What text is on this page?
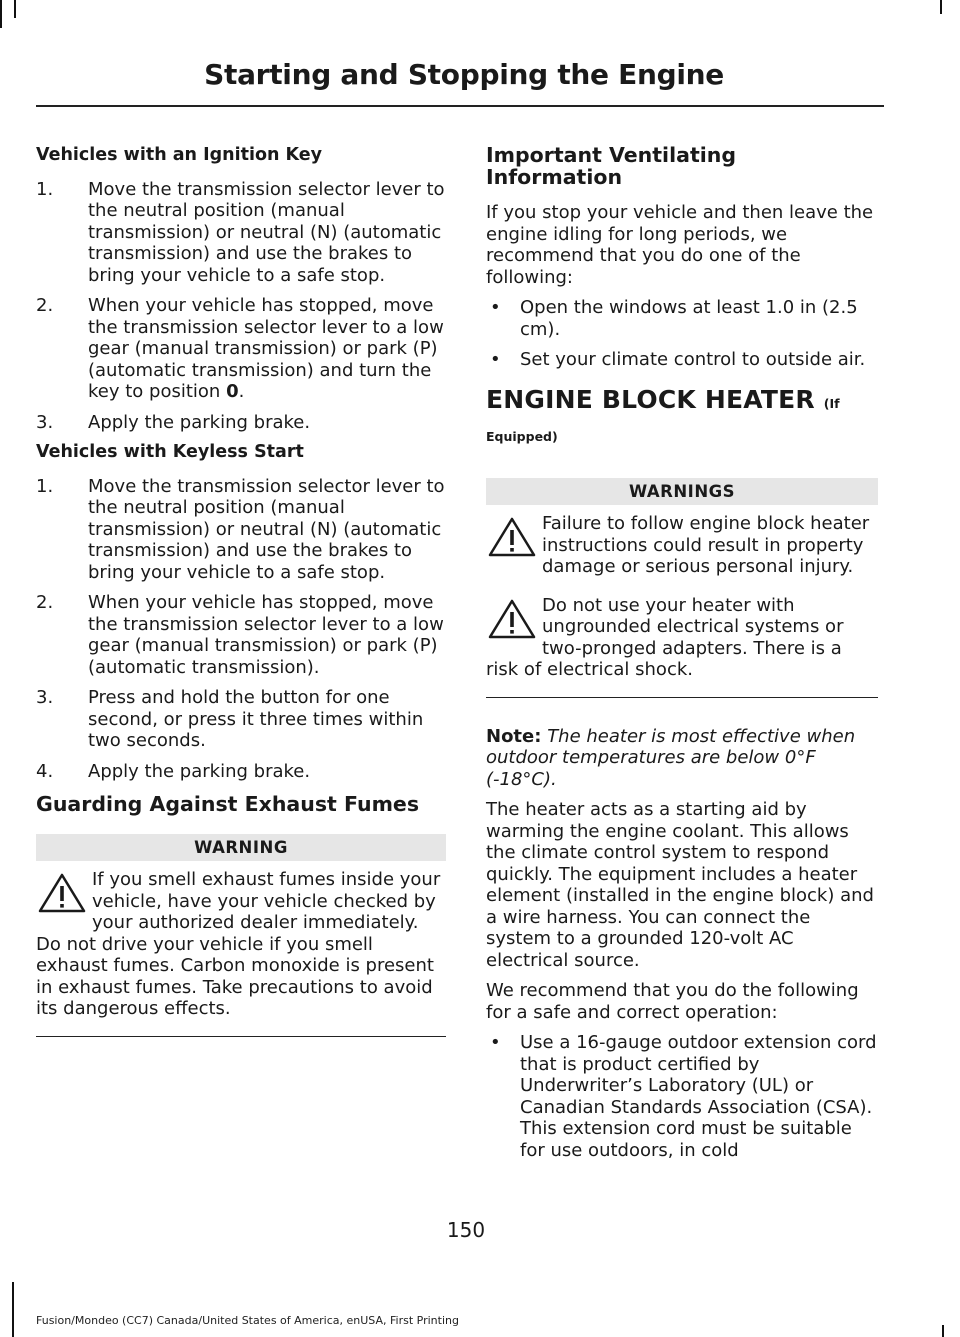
Starting and Stopping the Engine
Vehicles with an Ignition Key
1. Move the transmission selector lever to the neutral position (manual transmission) or neutral (N) (automatic transmission) and use the brakes to bring your vehicle to a safe stop.
2. When your vehicle has stopped, move the transmission selector lever to a low gear (manual transmission) or park (P) (automatic transmission) and turn the key to position 0.
3. Apply the parking brake.
Vehicles with Keyless Start
1. Move the transmission selector lever to the neutral position (manual transmission) or neutral (N) (automatic transmission) and use the brakes to bring your vehicle to a safe stop.
2. When your vehicle has stopped, move the transmission selector lever to a low gear (manual transmission) or park (P) (automatic transmission).
3. Press and hold the button for one second, or press it three times within two seconds.
4. Apply the parking brake.
Guarding Against Exhaust Fumes
WARNING
If you smell exhaust fumes inside your vehicle, have your vehicle checked by your authorized dealer immediately. Do not drive your vehicle if you smell exhaust fumes. Carbon monoxide is present in exhaust fumes. Take precautions to avoid its dangerous effects.
Important Ventilating Information

If you stop your vehicle and then leave the engine idling for long periods, we recommend that you do one of the following:

• Open the windows at least 1.0 in (2.5 cm).
• Set your climate control to outside air.
ENGINE BLOCK HEATER (If
Equipped)
WARNINGS
Failure to follow engine block heater instructions could result in property damage or serious personal injury.
Do not use your heater with ungrounded electrical systems or two-pronged adapters. There is a risk of electrical shock.

Note: The heater is most effective when outdoor temperatures are below 0°F (-18°C).

The heater acts as a starting aid by warming the engine coolant. This allows the climate control system to respond quickly. The equipment includes a heater element (installed in the engine block) and a wire harness. You can connect the system to a grounded 120-volt AC electrical source.

We recommend that you do the following for a safe and correct operation:

• Use a 16-gauge outdoor extension cord that is product certified by Underwriter’s Laboratory (UL) or Canadian Standards Association (CSA). This extension cord must be suitable for use outdoors, in cold
150
Fusion/Mondeo (CC7) Canada/United States of America, enUSA, First Printing
